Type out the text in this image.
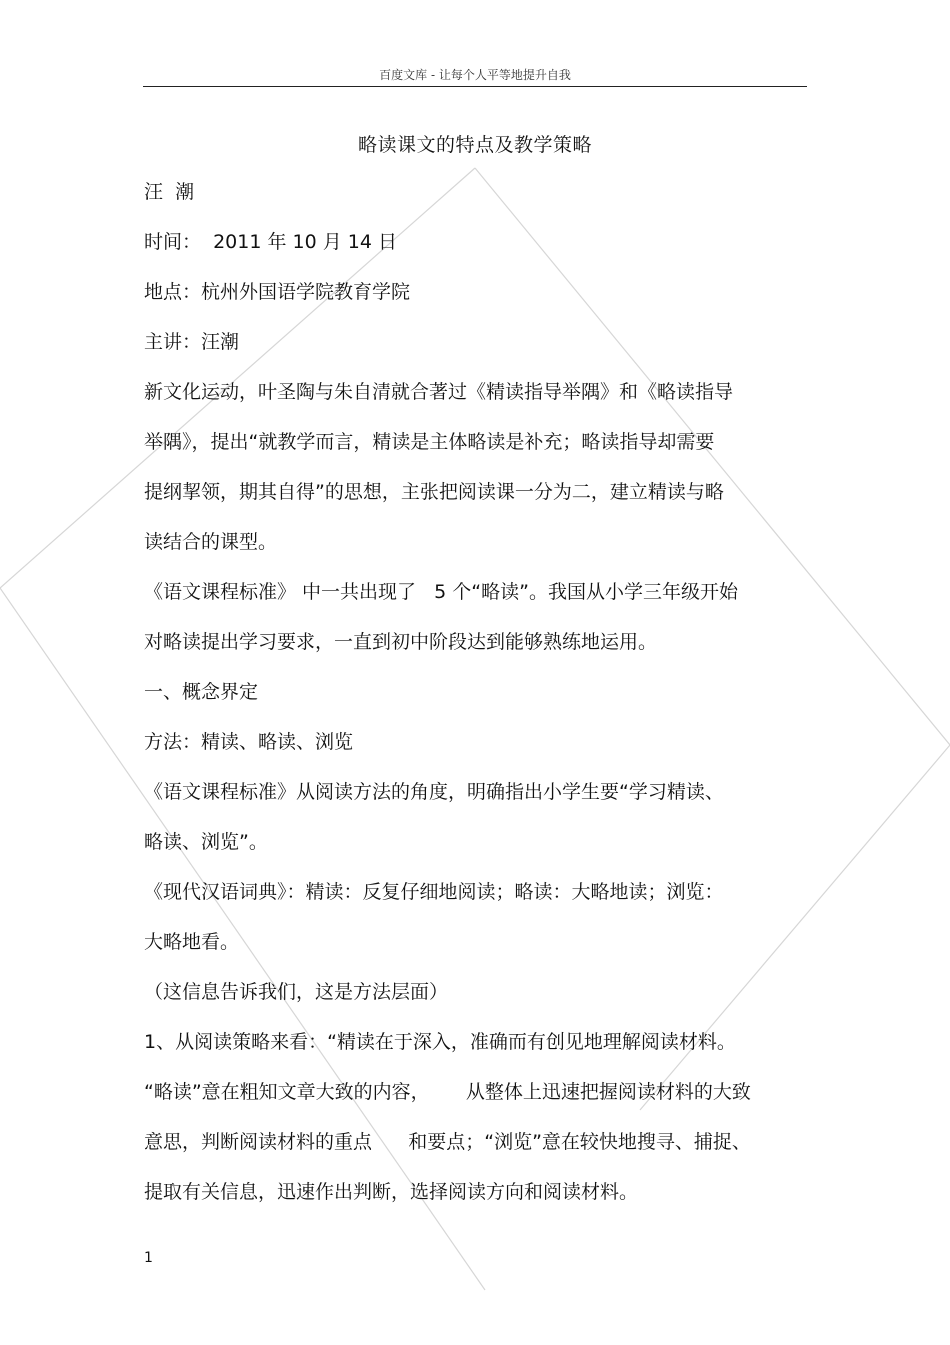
百度文库 - 让每个人平等地提升自我
略读课文的特点及教学策略
汪  潮
时间：  2011 年 10 月 14 日
地点：杭州外国语学院教育学院
主讲：汪潮
新文化运动，叶圣陶与朱自清就合著过《精读指导举隅》和《略读指导
举隅》，提出“就教学而言，精读是主体略读是补充；略读指导却需要
提纲挈领，期其自得”的思想，主张把阅读课一分为二，建立精读与略
读结合的课型。
《语文课程标准》 中一共出现了   5 个“略读”。我国从小学三年级开始
对略读提出学习要求，一直到初中阶段达到能够熟练地运用。
一、概念界定
方法：精读、略读、浏览
《语文课程标准》从阅读方法的角度，明确指出小学生要“学习精读、
略读、浏览”。
《现代汉语词典》：精读：反复仔细地阅读；略读：大略地读；浏览：
大略地看。
（这信息告诉我们，这是方法层面）
1、从阅读策略来看：“精读在于深入，准确而有创见地理解阅读材料。
“略读”意在粗知文章大致的内容，      从整体上迅速把握阅读材料的大致
意思，判断阅读材料的重点      和要点；“浏览”意在较快地搜寻、捕捉、
提取有关信息，迅速作出判断，选择阅读方向和阅读材料。
1
